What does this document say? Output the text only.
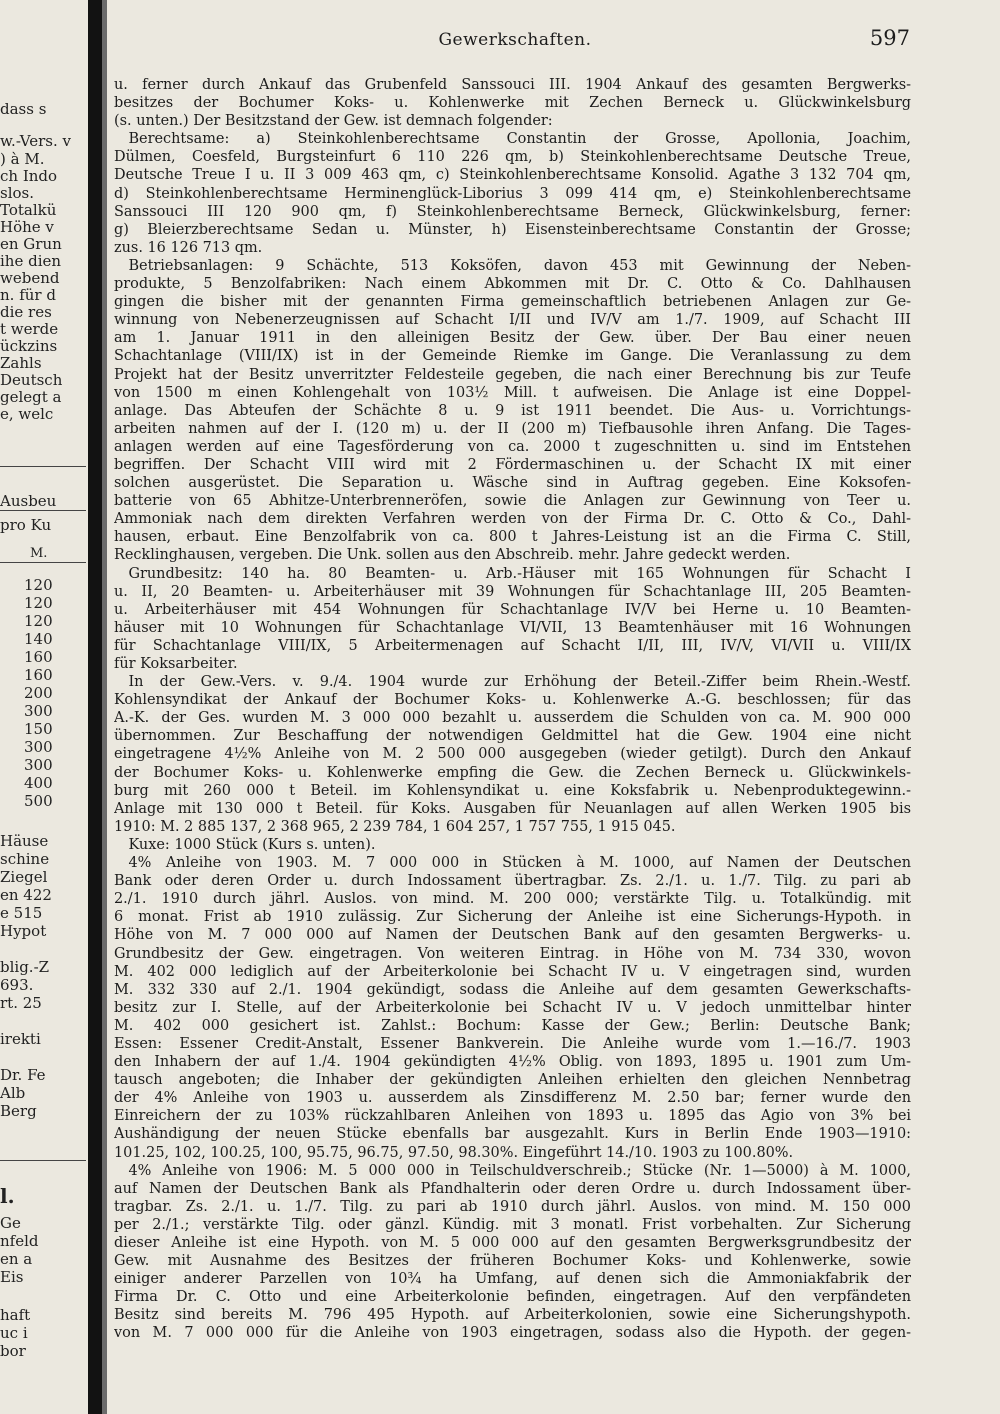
dass s
w.-Vers. v
) à M.
ch Indo
slos.
Totalkü
Höhe v
en Grun
ihe dien
webend
n. für d
die res
t werde
ückzins
Zahls
Deutsch
gelegt a
e, welc
Ausbeu
pro Ku
M.
120
120
120
140
160
160
200
300
150
300
300
400
500
Häuse
schine
Ziegel
en 422
e 515
Hypot
blig.-Z
693.
rt. 25
irekti
Dr. Fe
Alb
Berg
l.
Ge
nfeld
en a
Eis
haft
uc i
bor
Gewerkschaften.	597
u. ferner durch Ankauf das Grubenfeld Sanssouci III. 1904 Ankauf des gesamten Bergwerks-
besitzes der Bochumer Koks- u. Kohlenwerke mit Zechen Berneck u. Glückwinkelsburg
(s. unten.) Der Besitzstand der Gew. ist demnach folgender:
 Berechtsame: a) Steinkohlenberechtsame Constantin der Grosse, Apollonia, Joachim,
Dülmen, Coesfeld, Burgsteinfurt 6 110 226 qm, b) Steinkohlenberechtsame Deutsche Treue,
Deutsche Treue I u. II 3 009 463 qm, c) Steinkohlenberechtsame Konsolid. Agathe 3 132 704 qm,
d) Steinkohlenberechtsame Herminenglück-Liborius 3 099 414 qm, e) Steinkohlenberechtsame
Sanssouci III 120 900 qm, f) Steinkohlenberechtsame Berneck, Glückwinkelsburg, ferner:
g) Bleierzberechtsame Sedan u. Münster, h) Eisensteinberechtsame Constantin der Grosse;
zus. 16 126 713 qm.
 Betriebsanlagen: 9 Schächte, 513 Koksöfen, davon 453 mit Gewinnung der Neben-
produkte, 5 Benzolfabriken: Nach einem Abkommen mit Dr. C. Otto & Co. Dahlhausen
gingen die bisher mit der genannten Firma gemeinschaftlich betriebenen Anlagen zur Ge-
winnung von Nebenerzeugnissen auf Schacht I/II und IV/V am 1./7. 1909, auf Schacht III
am 1. Januar 1911 in den alleinigen Besitz der Gew. über. Der Bau einer neuen
Schachtanlage (VIII/IX) ist in der Gemeinde Riemke im Gange. Die Veranlassung zu dem
Projekt hat der Besitz unverritzter Feldesteile gegeben, die nach einer Berechnung bis zur Teufe
von 1500 m einen Kohlengehalt von 103½ Mill. t aufweisen. Die Anlage ist eine Doppel-
anlage. Das Abteufen der Schächte 8 u. 9 ist 1911 beendet. Die Aus- u. Vorrichtungs-
arbeiten nahmen auf der I. (120 m) u. der II (200 m) Tiefbausohle ihren Anfang. Die Tages-
anlagen werden auf eine Tagesförderung von ca. 2000 t zugeschnitten u. sind im Entstehen
begriffen. Der Schacht VIII wird mit 2 Fördermaschinen u. der Schacht IX mit einer
solchen ausgerüstet. Die Separation u. Wäsche sind in Auftrag gegeben. Eine Koksofen-
batterie von 65 Abhitze-Unterbrenneröfen, sowie die Anlagen zur Gewinnung von Teer u.
Ammoniak nach dem direkten Verfahren werden von der Firma Dr. C. Otto & Co., Dahl-
hausen, erbaut. Eine Benzolfabrik von ca. 800 t Jahres-Leistung ist an die Firma C. Still,
Recklinghausen, vergeben. Die Unk. sollen aus den Abschreib. mehr. Jahre gedeckt werden.
 Grundbesitz: 140 ha. 80 Beamten- u. Arb.-Häuser mit 165 Wohnungen für Schacht I
u. II, 20 Beamten- u. Arbeiterhäuser mit 39 Wohnungen für Schachtanlage III, 205 Beamten-
u. Arbeiterhäuser mit 454 Wohnungen für Schachtanlage IV/V bei Herne u. 10 Beamten-
häuser mit 10 Wohnungen für Schachtanlage VI/VII, 13 Beamtenhäuser mit 16 Wohnungen
für Schachtanlage VIII/IX, 5 Arbeitermenagen auf Schacht I/II, III, IV/V, VI/VII u. VIII/IX
für Koksarbeiter.
 In der Gew.-Vers. v. 9./4. 1904 wurde zur Erhöhung der Beteil.-Ziffer beim Rhein.-Westf.
Kohlensyndikat der Ankauf der Bochumer Koks- u. Kohlenwerke A.-G. beschlossen; für das
A.-K. der Ges. wurden M. 3 000 000 bezahlt u. ausserdem die Schulden von ca. M. 900 000
übernommen. Zur Beschaffung der notwendigen Geldmittel hat die Gew. 1904 eine nicht
eingetragene 4½% Anleihe von M. 2 500 000 ausgegeben (wieder getilgt). Durch den Ankauf
der Bochumer Koks- u. Kohlenwerke empfing die Gew. die Zechen Berneck u. Glückwinkels-
burg mit 260 000 t Beteil. im Kohlensyndikat u. eine Koksfabrik u. Nebenproduktegewinn.-
Anlage mit 130 000 t Beteil. für Koks. Ausgaben für Neuanlagen auf allen Werken 1905 bis
1910: M. 2 885 137, 2 368 965, 2 239 784, 1 604 257, 1 757 755, 1 915 045.
 Kuxe: 1000 Stück (Kurs s. unten).
 4% Anleihe von 1903. M. 7 000 000 in Stücken à M. 1000, auf Namen der Deutschen
Bank oder deren Order u. durch Indossament übertragbar. Zs. 2./1. u. 1./7. Tilg. zu pari ab
2./1. 1910 durch jährl. Auslos. von mind. M. 200 000; verstärkte Tilg. u. Totalkündig. mit
6 monat. Frist ab 1910 zulässig. Zur Sicherung der Anleihe ist eine Sicherungs-Hypoth. in
Höhe von M. 7 000 000 auf Namen der Deutschen Bank auf den gesamten Bergwerks- u.
Grundbesitz der Gew. eingetragen. Von weiteren Eintrag. in Höhe von M. 734 330, wovon
M. 402 000 lediglich auf der Arbeiterkolonie bei Schacht IV u. V eingetragen sind, wurden
M. 332 330 auf 2./1. 1904 gekündigt, sodass die Anleihe auf dem gesamten Gewerkschafts-
besitz zur I. Stelle, auf der Arbeiterkolonie bei Schacht IV u. V jedoch unmittelbar hinter
M. 402 000 gesichert ist. Zahlst.: Bochum: Kasse der Gew.; Berlin: Deutsche Bank;
Essen: Essener Credit-Anstalt, Essener Bankverein. Die Anleihe wurde vom 1.—16./7. 1903
den Inhabern der auf 1./4. 1904 gekündigten 4½% Oblig. von 1893, 1895 u. 1901 zum Um-
tausch angeboten; die Inhaber der gekündigten Anleihen erhielten den gleichen Nennbetrag
der 4% Anleihe von 1903 u. ausserdem als Zinsdifferenz M. 2.50 bar; ferner wurde den
Einreichern der zu 103% rückzahlbaren Anleihen von 1893 u. 1895 das Agio von 3% bei
Aushändigung der neuen Stücke ebenfalls bar ausgezahlt. Kurs in Berlin Ende 1903—1910:
101.25, 102, 100.25, 100, 95.75, 96.75, 97.50, 98.30%. Eingeführt 14./10. 1903 zu 100.80%.
 4% Anleihe von 1906: M. 5 000 000 in Teilschuldverschreib.; Stücke (Nr. 1—5000) à M. 1000,
auf Namen der Deutschen Bank als Pfandhalterin oder deren Ordre u. durch Indossament über-
tragbar. Zs. 2./1. u. 1./7. Tilg. zu pari ab 1910 durch jährl. Auslos. von mind. M. 150 000
per 2./1.; verstärkte Tilg. oder gänzl. Kündig. mit 3 monatl. Frist vorbehalten. Zur Sicherung
dieser Anleihe ist eine Hypoth. von M. 5 000 000 auf den gesamten Bergwerksgrundbesitz der
Gew. mit Ausnahme des Besitzes der früheren Bochumer Koks- und Kohlenwerke, sowie
einiger anderer Parzellen von 10¾ ha Umfang, auf denen sich die Ammoniakfabrik der
Firma Dr. C. Otto und eine Arbeiterkolonie befinden, eingetragen. Auf den verpfändeten
Besitz sind bereits M. 796 495 Hypoth. auf Arbeiterkolonien, sowie eine Sicherungshypoth.
von M. 7 000 000 für die Anleihe von 1903 eingetragen, sodass also die Hypoth. der gegen-
